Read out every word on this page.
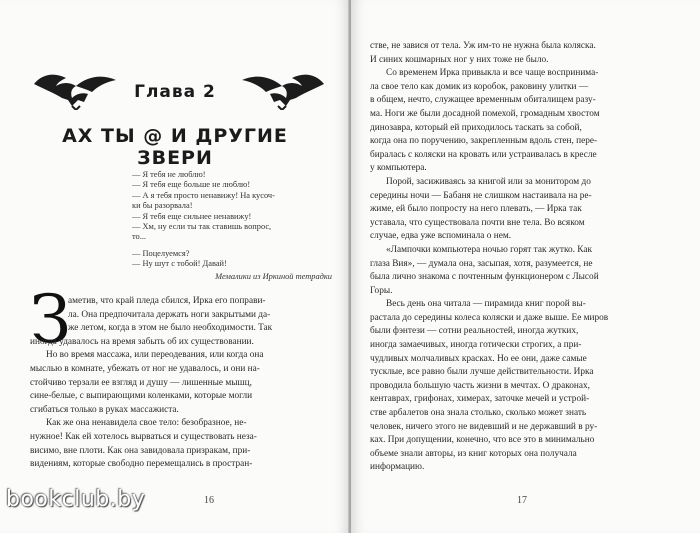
Глава 2
АХ ТЫ @ И ДРУГИЕ ЗВЕРИ
— Я тебя не люблю!
— Я тебя еще больше не люблю!
— А я тебя просто ненавижу! На кусоч-
ки бы разорвала!
— Я тебя еще сильнее ненавижу!
— Хм, ну если ты так ставишь вопрос,
то...
— Поцелуемся?
— Ну шут с тобой! Давай!
Мемалики из Иркиной тетрадки
З
аметив, что край пледа сбился, Ирка его поправи-
ла. Она предпочитала держать ноги закрытыми да-
же летом, когда в этом не было необходимости. Так
иногда удавалось на время забыть об их существовании.
Но во время массажа, или переодевания, или когда она
мыслью в комнате, убежать от ног не удавалось, и они на-
стойчиво терзали ее взгляд и душу — лишенные мышц,
сине-белые, с выпирающими коленками, которые могли
сгибаться только в руках массажиста.
Как же она ненавидела свое тело: безобразное, не-
нужное! Как ей хотелось вырваться и существовать неза-
висимо, вне плоти. Как она завидовала призракам, при-
видениям, которые свободно перемещались в простран-
16
стве, не завися от тела. Уж им-то не нужна была коляска.
И синих кошмарных ног у них тоже не было.
Со временем Ирка привыкла и все чаще воспринима-
ла свое тело как домик из коробок, раковину улитки —
в общем, нечто, служащее временным обиталищем разу-
ма. Ноги же были досадной помехой, громадным хвостом
динозавра, который ей приходилось таскать за собой,
когда она по поручению, закрепленным вдоль стен, пере-
биралась с коляски на кровать или устраивалась в кресле
у компьютера.
Порой, засиживаясь за книгой или за монитором до
середины ночи — Бабаня не слишком настаивала на ре-
жиме, ей было попросту на него плевать, — Ирка так
уставала, что существовала почти вне тела. Во всяком
случае, едва уже вспоминала о нем.
«Лампочки компьютера ночью горят так жутко. Как
глаза Вия», — думала она, засыпая, хотя, разумеется, не
была лично знакома с почтенным функционером с Лысой
Горы.
Весь день она читала — пирамида книг порой вы-
растала до середины колеса коляски и даже выше. Ее миров
были фэнтези — сотни реальностей, иногда жутких,
иногда замаечивых, иногда готически строгих, а при-
чудливых молчаливых красках. Но ее они, даже самые
тусклые, все равно были лучше действительности. Ирка
проводила большую часть жизни в мечтах. О драконах,
кентаврах, грифонах, химерах, заточке мечей и устрой-
стве арбалетов она знала столько, сколько может знать
человек, ничего этого не видевший и не державший в ру-
ках. При допущении, конечно, что все это в минимально
объеме знали авторы, из книг которых она получала
информацию.
17
bookclub.by
